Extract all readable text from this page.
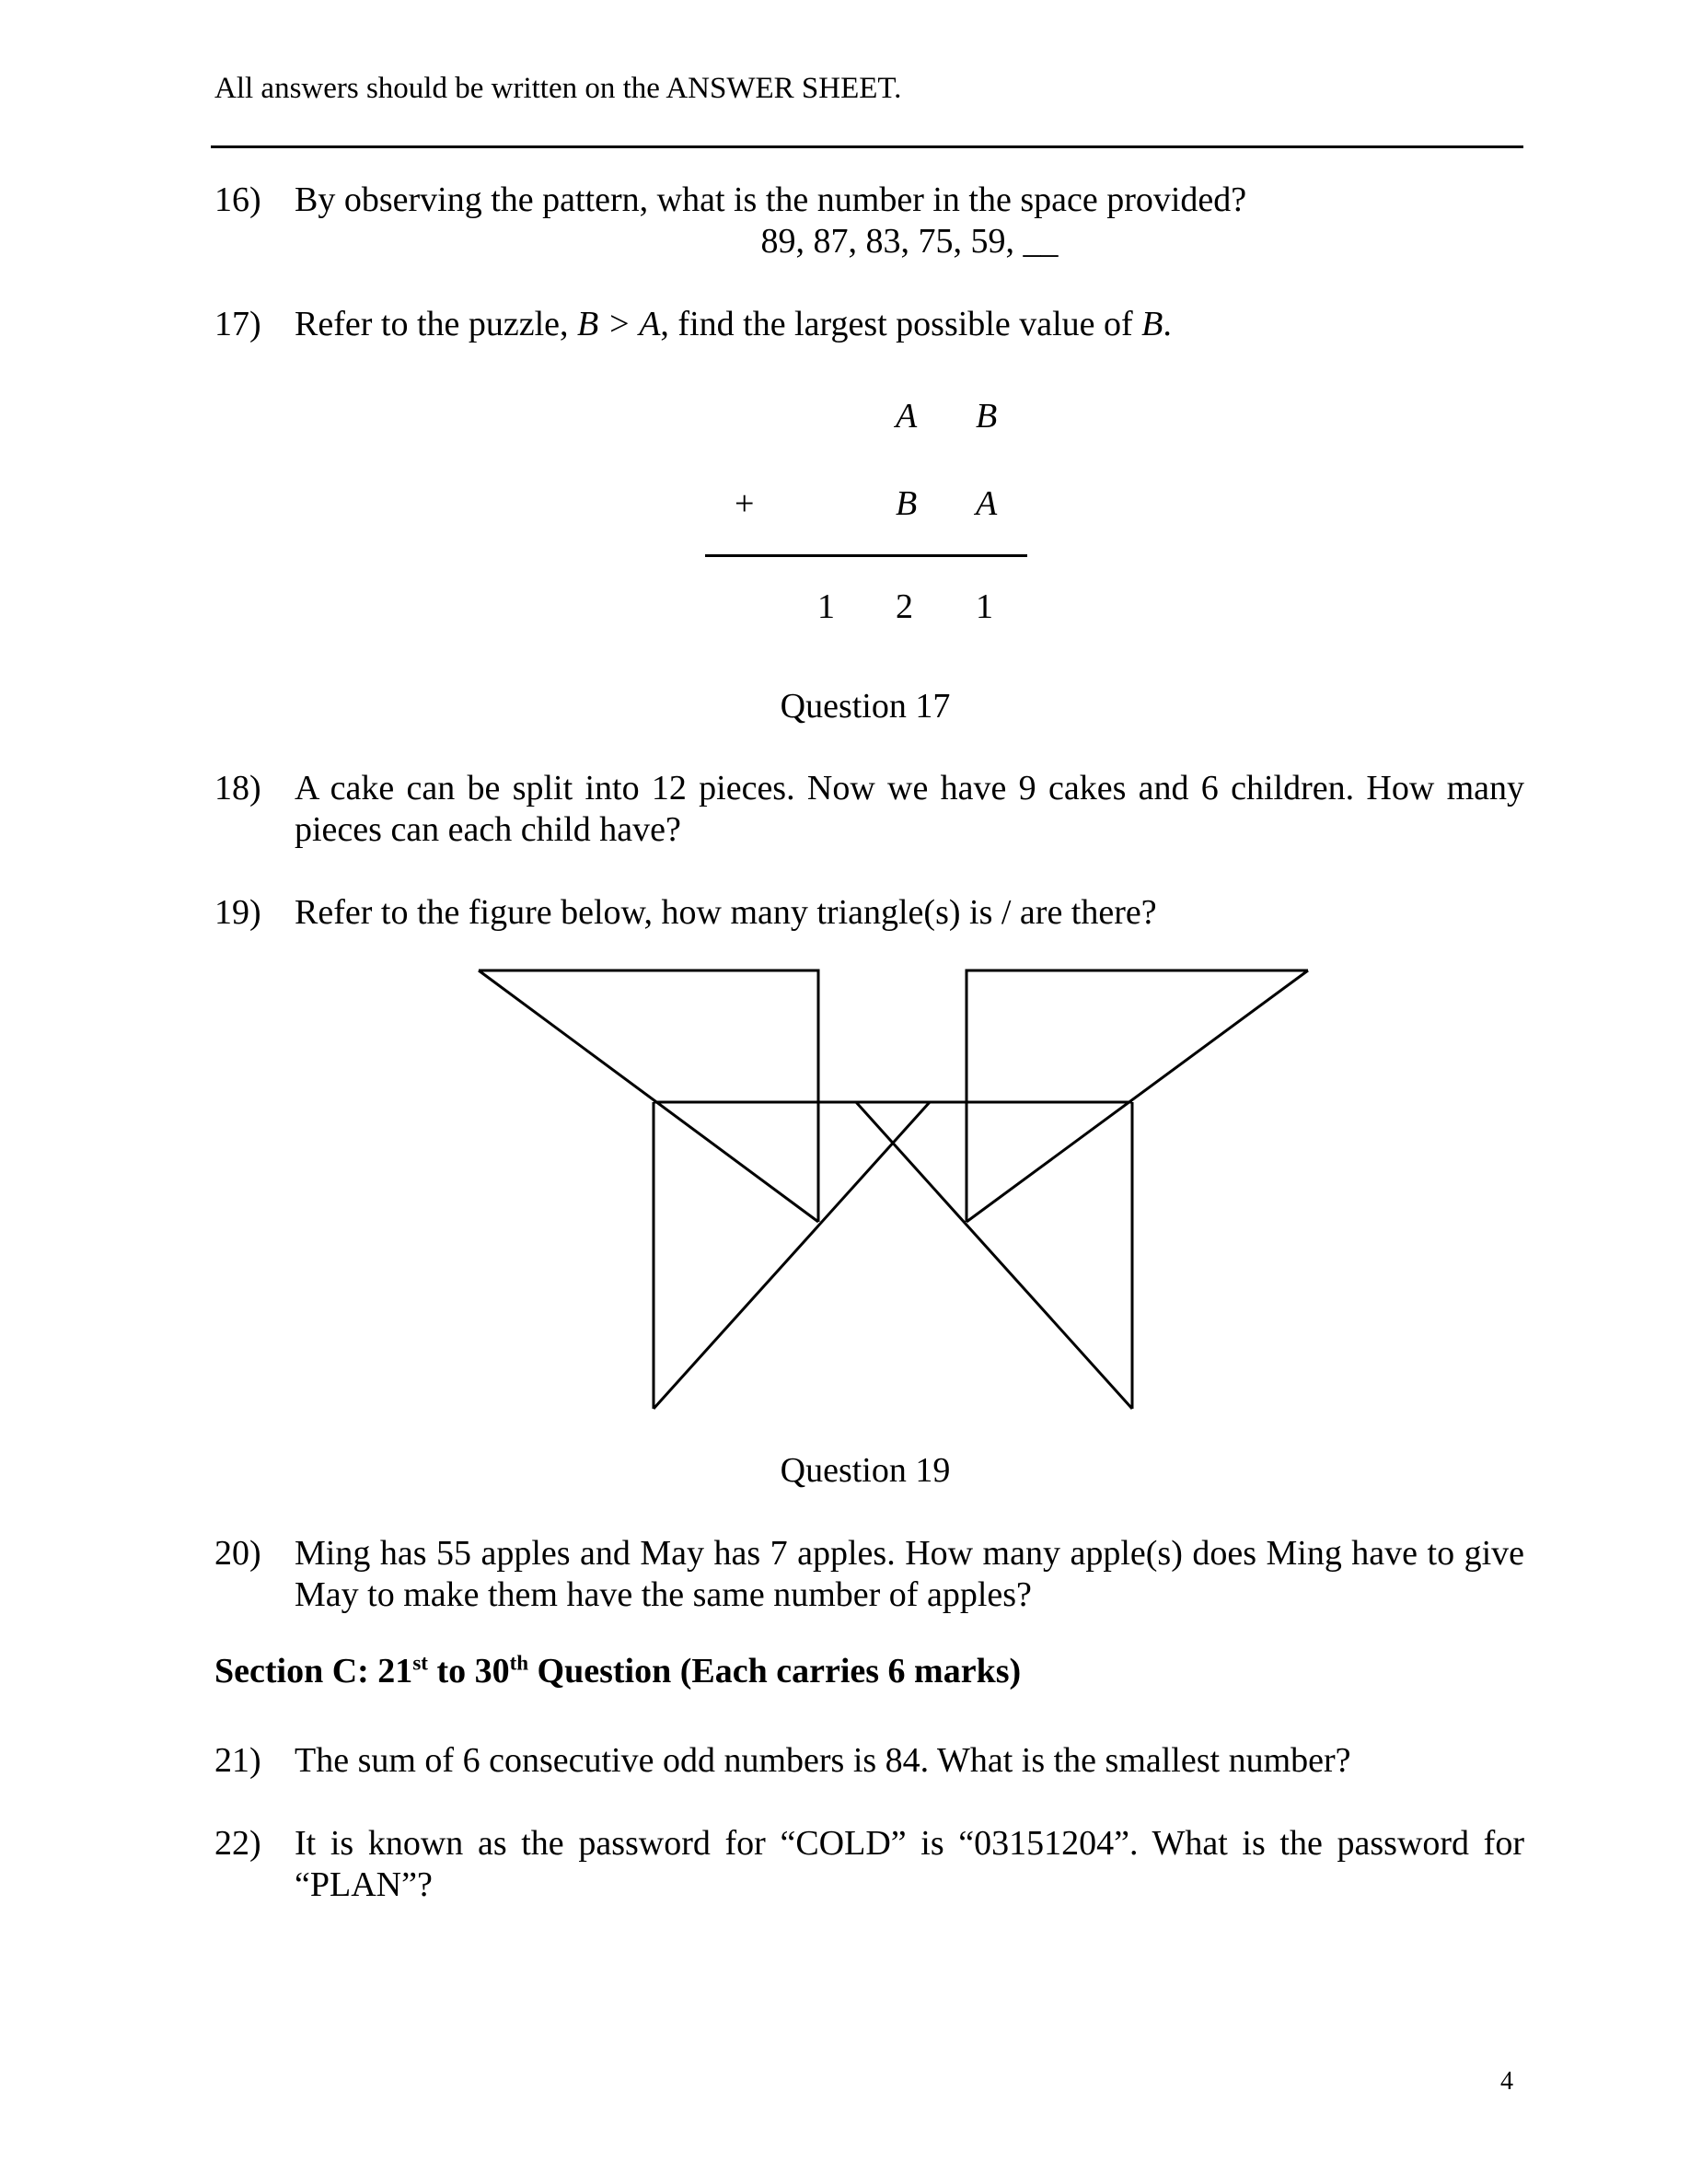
All answers should be written on the ANSWER SHEET.
16) By observing the pattern, what is the number in the space provided?
89, 87, 83, 75, 59, __
17) Refer to the puzzle, B > A, find the largest possible value of B.
A B
+	B A
1 2 1
Question 17
18) A cake can be split into 12 pieces. Now we have 9 cakes and 6 children. How many pieces can each child have?
19) Refer to the figure below, how many triangle(s) is / are there?
Question 19
20) Ming has 55 apples and May has 7 apples. How many apple(s) does Ming have to give May to make them have the same number of apples?
Section C: 21st to 30th Question (Each carries 6 marks)
21) The sum of 6 consecutive odd numbers is 84. What is the smallest number?
22) It is known as the password for “COLD” is “03151204”. What is the password for “PLAN”?
4
